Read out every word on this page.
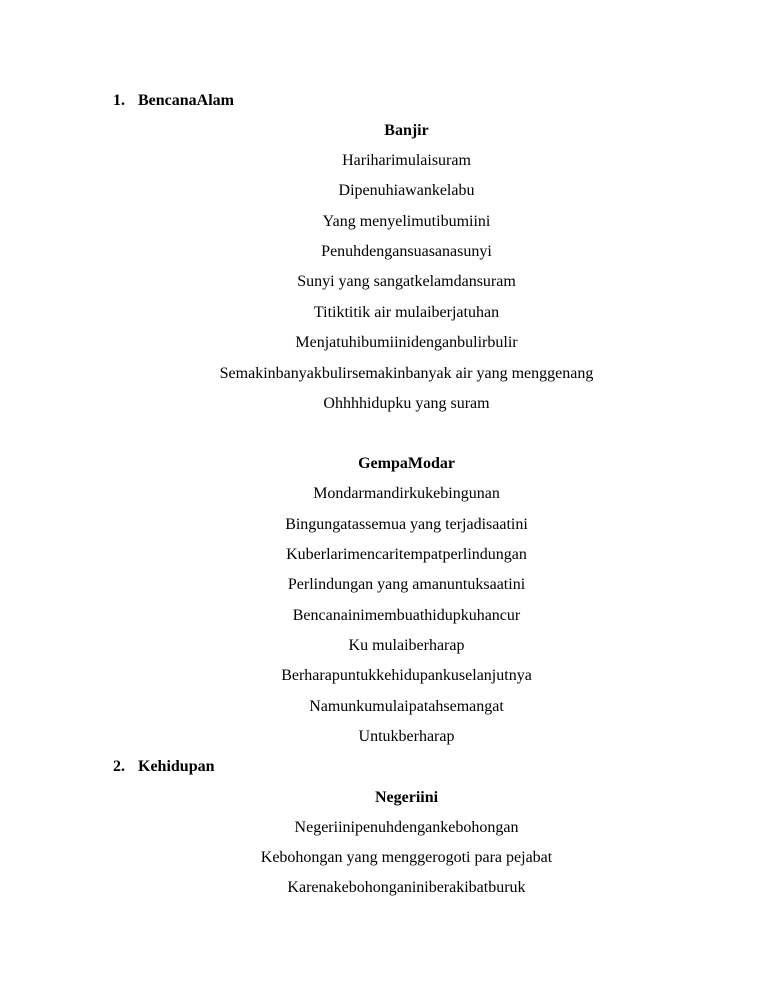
1. BencanaAlam
Banjir
Hariharimulaisuram
Dipenuhiawankelabu
Yang menyelimutibumiini
Penuhdengansuasanasunyi
Sunyi yang sangatkelamdansuram
Titiktitik air mulaiberjatuhan
Menjatuhibumiinidenganbulirbulir
Semakinbanyakbulirsemakinbanyak air yang menggenang
Ohhhhidupku yang suram
GempaModar
Mondarmandirkukebingunan
Bingungatassemua yang terjadisaatini
Kuberlarimencaritempatperlindungan
Perlindungan yang amanuntuksaatini
Bencanainimembuathidupkuhancur
Ku mulaiberharap
Berharapuntukkehidupankuselanjutnya
Namunkumulaipatahsemangat
Untukberharap
2. Kehidupan
Negeriini
Negeriinipenuhdengankebohongan
Kebohongan yang menggerogoti para pejabat
Karenakebohonganiniberakibatburuk
